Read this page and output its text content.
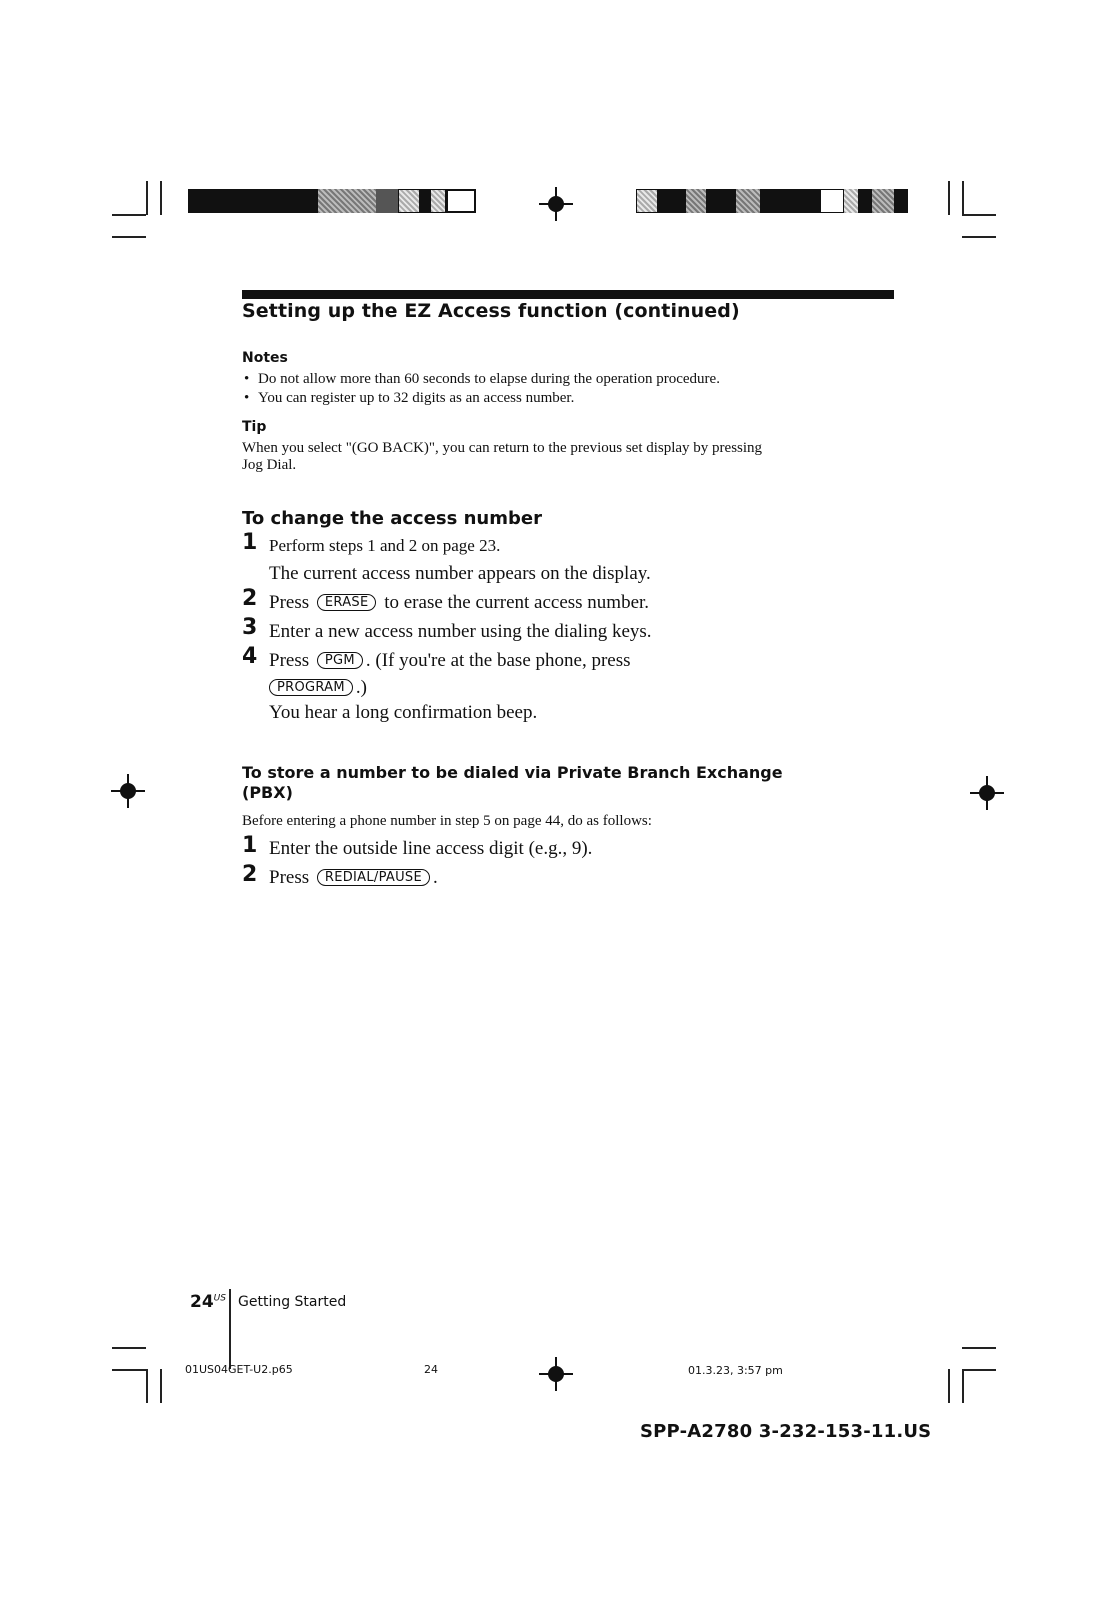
Setting up the EZ Access function (continued)
Notes
• Do not allow more than 60 seconds to elapse during the operation procedure.
• You can register up to 32 digits as an access number.
Tip
When you select "(GO BACK)", you can return to the previous set display by pressing Jog Dial.
To change the access number
1 Perform steps 1 and 2 on page 23.
The current access number appears on the display.
2 Press ERASE to erase the current access number.
3 Enter a new access number using the dialing keys.
4 Press PGM . (If you're at the base phone, press
PROGRAM .)
You hear a long confirmation beep.
To store a number to be dialed via Private Branch Exchange
(PBX)
Before entering a phone number in step 5 on page 44, do as follows:
1 Enter the outside line access digit (e.g., 9).
2 Press REDIAL/PAUSE .
$24^{US}$ Getting Started
01US04GET-U2.p65	24	01.3.23, 3:57 pm
SPP-A2780 3-232-153-11.US
